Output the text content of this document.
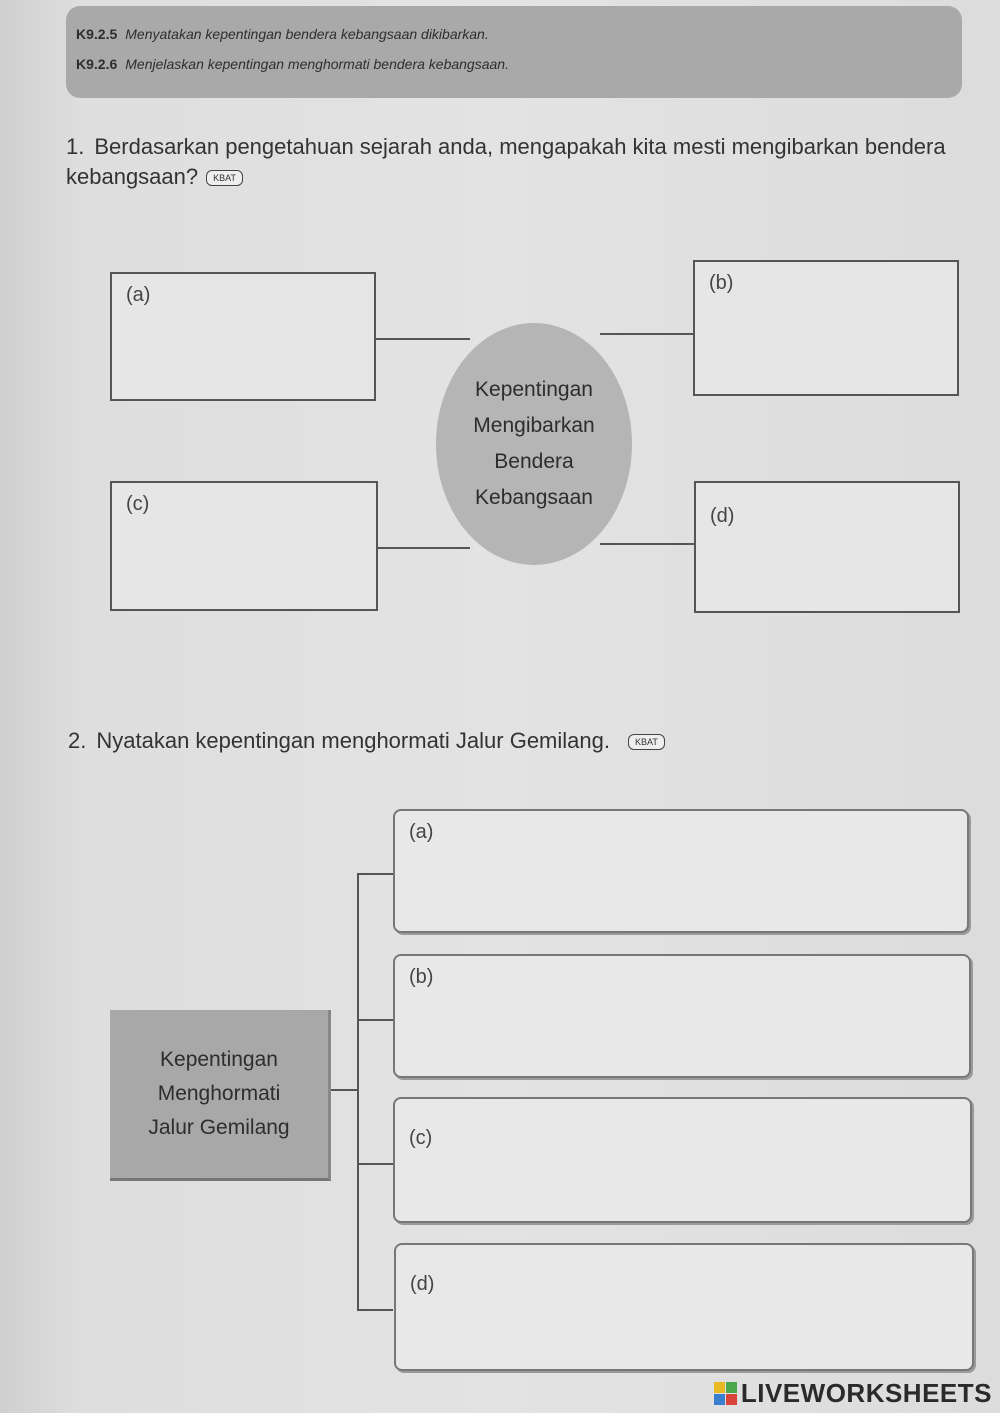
K9.2.5 Menyatakan kepentingan bendera kebangsaan dikibarkan.
K9.2.6 Menjelaskan kepentingan menghormati bendera kebangsaan.
1. Berdasarkan pengetahuan sejarah anda, mengapakah kita mesti mengibarkan bendera kebangsaan? KBAT
(a)
(b)
(c)
(d)
Kepentingan
Mengibarkan
Bendera
Kebangsaan
2. Nyatakan kepentingan menghormati Jalur Gemilang.	KBAT
Kepentingan
Menghormati
Jalur Gemilang
(a)
(b)
(c)
(d)
LIVEWORKSHEETS
